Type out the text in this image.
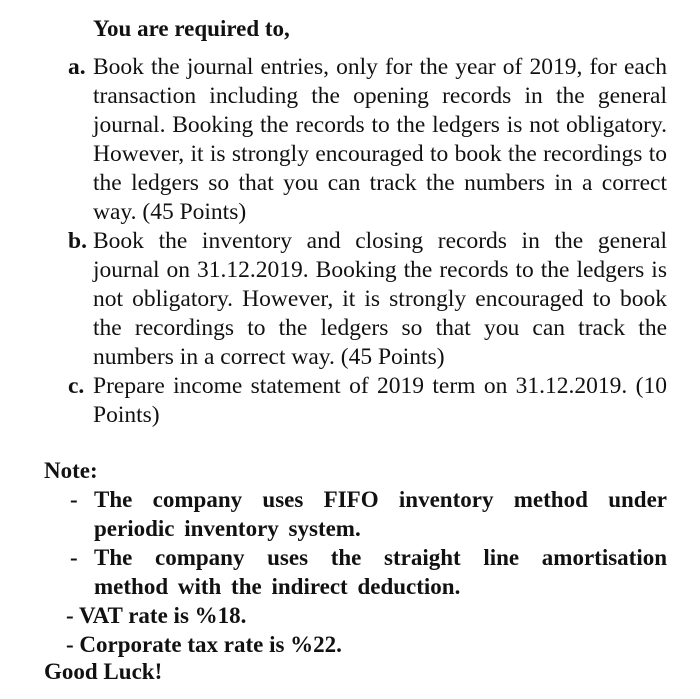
You are required to,
a. Book the journal entries, only for the year of 2019, for each transaction including the opening records in the general journal. Booking the records to the ledgers is not obligatory. However, it is strongly encouraged to book the recordings to the ledgers so that you can track the numbers in a correct way. (45 Points)
b. Book the inventory and closing records in the general journal on 31.12.2019. Booking the records to the ledgers is not obligatory. However, it is strongly encouraged to book the recordings to the ledgers so that you can track the numbers in a correct way. (45 Points)
c. Prepare income statement of 2019 term on 31.12.2019. (10 Points)
Note:
- The company uses FIFO inventory method under periodic inventory system.
- The company uses the straight line amortisation method with the indirect deduction.
- VAT rate is %18.
- Corporate tax rate is %22.
Good Luck!
